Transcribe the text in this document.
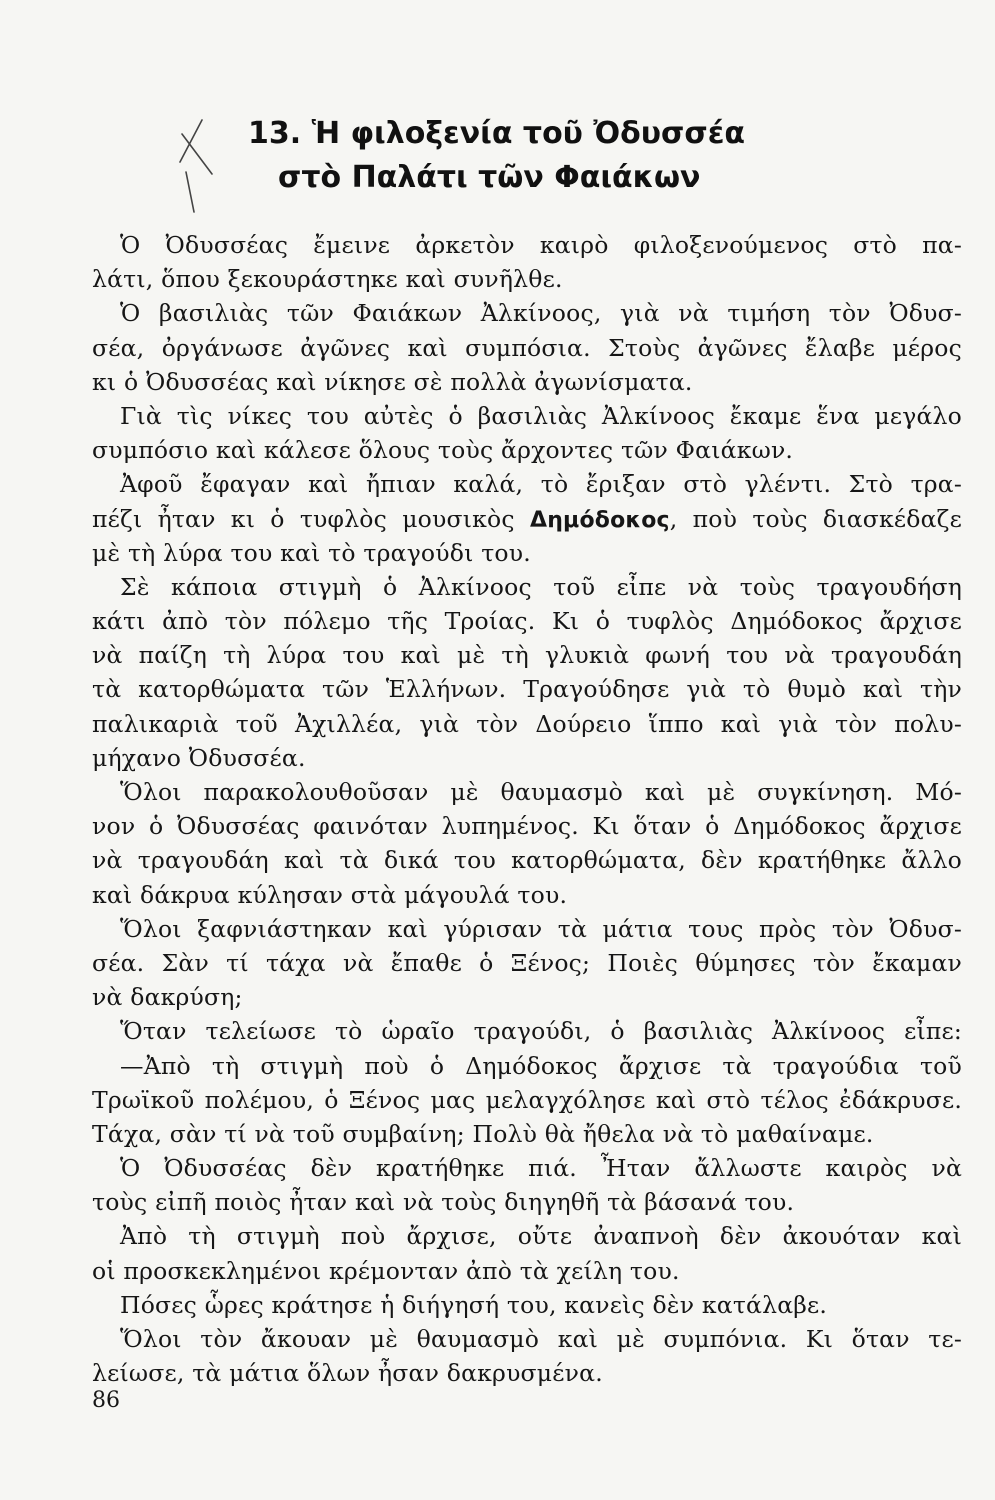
13. Ἡ φιλοξενία τοῦ Ὀδυσσέα
στὸ Παλάτι τῶν Φαιάκων
Ὁ Ὀδυσσέας ἔμεινε ἀρκετὸν καιρὸ φιλοξενούμενος στὸ πα-
λάτι, ὅπου ξεκουράστηκε καὶ συνῆλθε.
Ὁ βασιλιὰς τῶν Φαιάκων Ἀλκίνοος, γιὰ νὰ τιμήση τὸν Ὀδυσ-
σέα, ὀργάνωσε ἀγῶνες καὶ συμπόσια. Στοὺς ἀγῶνες ἔλαβε μέρος
κι ὁ Ὀδυσσέας καὶ νίκησε σὲ πολλὰ ἀγωνίσματα.
Γιὰ τὶς νίκες του αὐτὲς ὁ βασιλιὰς Ἀλκίνοος ἔκαμε ἕνα μεγάλο
συμπόσιο καὶ κάλεσε ὅλους τοὺς ἄρχοντες τῶν Φαιάκων.
Ἀφοῦ ἔφαγαν καὶ ἤπιαν καλά, τὸ ἔριξαν στὸ γλέντι. Στὸ τρα-
πέζι ἦταν κι ὁ τυφλὸς μουσικὸς Δημόδοκος, ποὺ τοὺς διασκέδαζε
μὲ τὴ λύρα του καὶ τὸ τραγούδι του.
Σὲ κάποια στιγμὴ ὁ Ἀλκίνοος τοῦ εἶπε νὰ τοὺς τραγουδήση
κάτι ἀπὸ τὸν πόλεμο τῆς Τροίας. Κι ὁ τυφλὸς Δημόδοκος ἄρχισε
νὰ παίζη τὴ λύρα του καὶ μὲ τὴ γλυκιὰ φωνή του νὰ τραγουδάη
τὰ κατορθώματα τῶν Ἑλλήνων. Τραγούδησε γιὰ τὸ θυμὸ καὶ τὴν
παλικαριὰ τοῦ Ἀχιλλέα, γιὰ τὸν Δούρειο ἵππο καὶ γιὰ τὸν πολυ-
μήχανο Ὀδυσσέα.
Ὅλοι παρακολουθοῦσαν μὲ θαυμασμὸ καὶ μὲ συγκίνηση. Μό-
νον ὁ Ὀδυσσέας φαινόταν λυπημένος. Κι ὅταν ὁ Δημόδοκος ἄρχισε
νὰ τραγουδάη καὶ τὰ δικά του κατορθώματα, δὲν κρατήθηκε ἄλλο
καὶ δάκρυα κύλησαν στὰ μάγουλά του.
Ὅλοι ξαφνιάστηκαν καὶ γύρισαν τὰ μάτια τους πρὸς τὸν Ὀδυσ-
σέα. Σὰν τί τάχα νὰ ἔπαθε ὁ Ξένος; Ποιὲς θύμησες τὸν ἔκαμαν
νὰ δακρύση;
Ὅταν τελείωσε τὸ ὡραῖο τραγούδι, ὁ βασιλιὰς Ἀλκίνοος εἶπε:
—Ἀπὸ τὴ στιγμὴ ποὺ ὁ Δημόδοκος ἄρχισε τὰ τραγούδια τοῦ
Τρωϊκοῦ πολέμου, ὁ Ξένος μας μελαγχόλησε καὶ στὸ τέλος ἐδάκρυσε.
Τάχα, σὰν τί νὰ τοῦ συμβαίνη; Πολὺ θὰ ἤθελα νὰ τὸ μαθαίναμε.
Ὁ Ὀδυσσέας δὲν κρατήθηκε πιά. Ἦταν ἄλλωστε καιρὸς νὰ
τοὺς εἰπῆ ποιὸς ἦταν καὶ νὰ τοὺς διηγηθῆ τὰ βάσανά του.
Ἀπὸ τὴ στιγμὴ ποὺ ἄρχισε, οὔτε ἀναπνοὴ δὲν ἀκουόταν καὶ
οἱ προσκεκλημένοι κρέμονταν ἀπὸ τὰ χείλη του.
Πόσες ὧρες κράτησε ἡ διήγησή του, κανεὶς δὲν κατάλαβε.
Ὅλοι τὸν ἄκουαν μὲ θαυμασμὸ καὶ μὲ συμπόνια. Κι ὅταν τε-
λείωσε, τὰ μάτια ὅλων ἦσαν δακρυσμένα.
86
